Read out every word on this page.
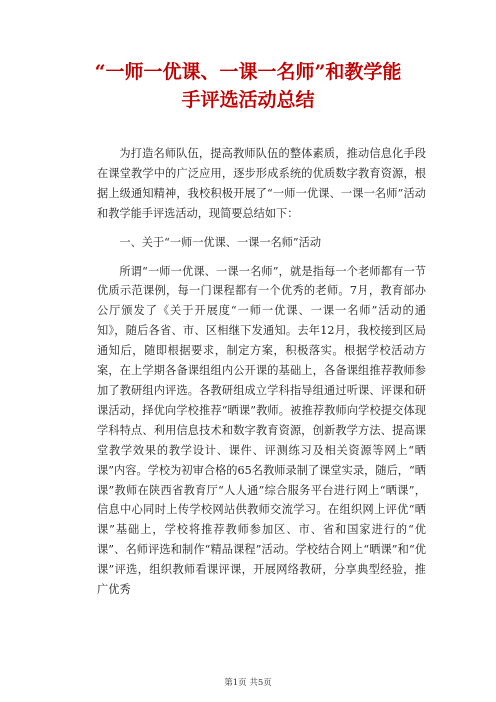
“一师一优课、一课一名师”和教学能
手评选活动总结

为打造名师队伍，提高教师队伍的整体素质，推动信息化手段在课堂教学中的广泛应用，逐步形成系统的优质数字教育资源，根据上级通知精神，我校积极开展了“一师一优课、一课一名师”活动和教学能手评选活动，现简要总结如下：

一、关于“一师一优课、一课一名师”活动

所谓“一师一优课、一课一名师”，就是指每一个老师都有一节优质示范课例，每一门课程都有一个优秀的老师。7月，教育部办公厅颁发了《关于开展度“一师一优课、一课一名师”活动的通知》，随后各省、市、区相继下发通知。去年12月，我校接到区局通知后，随即根据要求，制定方案，积极落实。根据学校活动方案，在上学期各备课组组内公开课的基础上，各备课组推荐教师参加了教研组内评选。各教研组成立学科指导组通过听课、评课和研课活动，择优向学校推荐“晒课”教师。被推荐教师向学校提交体现学科特点、利用信息技术和数字教育资源，创新教学方法、提高课堂教学效果的教学设计、课件、评测练习及相关资源等网上“晒课”内容。学校为初审合格的65名教师录制了课堂实录，随后，“晒课”教师在陕西省教育厅“人人通”综合服务平台进行网上“晒课”，信息中心同时上传学校网站供教师交流学习。在组织网上评优“晒课”基础上，学校将推荐教师参加区、市、省和国家进行的“优课”、名师评选和制作“精品课程”活动。学校结合网上“晒课”和“优课”评选，组织教师看课评课，开展网络教研，分享典型经验，推广优秀

第1页 共5页
